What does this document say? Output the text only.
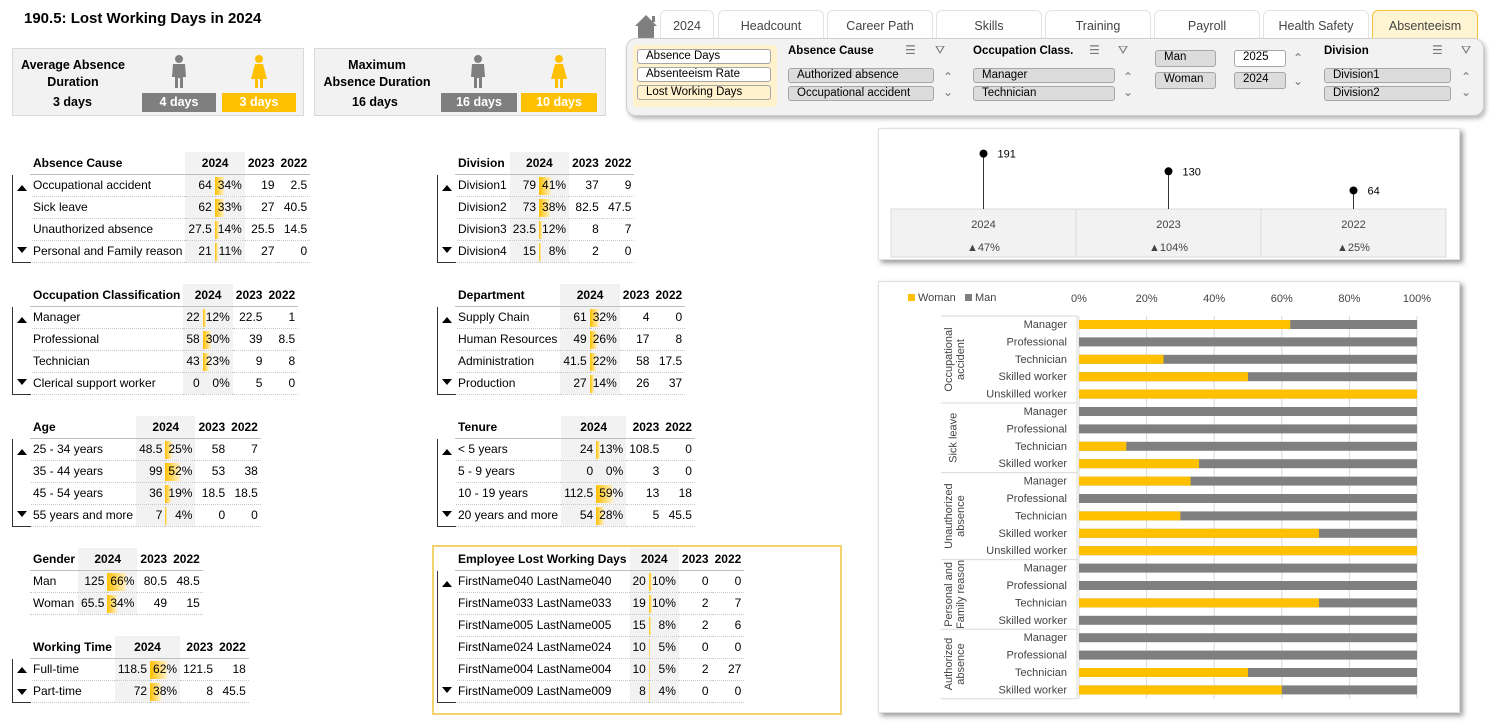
190.5: Lost Working Days in 2024	2024	Headcount	Career Path	Skills	Training	Payroll	Health Safety	Absenteeism
Average Absence
Duration
3 days	4 days	3 days
Maximum
Absence Duration
16 days	16 days	10 days
Absence Days
Absenteeism Rate
Lost Working Days
Absence Cause	☰ ⛛
Authorized absence
Occupational accident
⌃
⌄
Occupation Class. ☰ ⛛
Manager
Technician
⌃
⌄
Man
Woman
2025
2024
⌃
⌄
Division	☰ ⛛
Division1
Division2
⌃
⌄
Absence Cause	2024		2023	2022
Occupational accident	64	34%	19	2.5
Sick leave	62	33%	27	40.5
Unauthorized absence	27.5	14%	25.5	14.5
Personal and Family reason	21	11%	27	0
Division	2024		2023	2022
Division1	79	41%	37	9
Division2	73	38%	82.5	47.5
Division3	23.5	12%	8	7
Division4	15	8%	2	0
Occupation Classification	2024		2023	2022
Manager	22	12%	22.5	1
Professional	58	30%	39	8.5
Technician	43	23%	9	8
Clerical support worker	0	0%	5	0
Department	2024		2023	2022
Supply Chain	61	32%	4	0
Human Resources	49	26%	17	8
Administration	41.5	22%	58	17.5
Production	27	14%	26	37
Age	2024		2023	2022
25 - 34 years	48.5	25%	58	7
35 - 44 years	99	52%	53	38
45 - 54 years	36	19%	18.5	18.5
55 years and more	7	4%	0	0
Tenure	2024		2023	2022
< 5 years	24	13%	108.5	0
5 - 9 years	0	0%	3	0
10 - 19 years	112.5	59%	13	18
20 years and more	54	28%	5	45.5
Gender	2024		2023	2022
Man	125	66%	80.5	48.5
Woman	65.5	34%	49	15
Working Time	2024		2023	2022
Full-time	118.5	62%	121.5	18
Part-time	72	38%	8	45.5
Employee Lost Working Days	2024		2023	2022
FirstName040 LastName040	20	10%	0	0
FirstName033 LastName033	19	10%	2	7
FirstName005 LastName005	15	8%	2	6
FirstName024 LastName024	10	5%	0	0
FirstName004 LastName004	10	5%	2	27
FirstName009 LastName009	8	4%	0	0
191
2024
▲47%
130
2023
▲104%
64
2022
▲25%
Woman Man	0%	20%	40%	60%	80%	100%
Occupationalaccident
Manager
Professional
Technician
Skilled worker
Unskilled worker
Sick leave
Manager
Professional
Technician
Skilled worker
Unauthorizedabsence
Manager
Professional
Technician
Skilled worker
Unskilled worker
Personal andFamily reason	Manager
Professional
Technician
Skilled worker
Authorizedabsence
Manager
Professional
Technician
Skilled worker
